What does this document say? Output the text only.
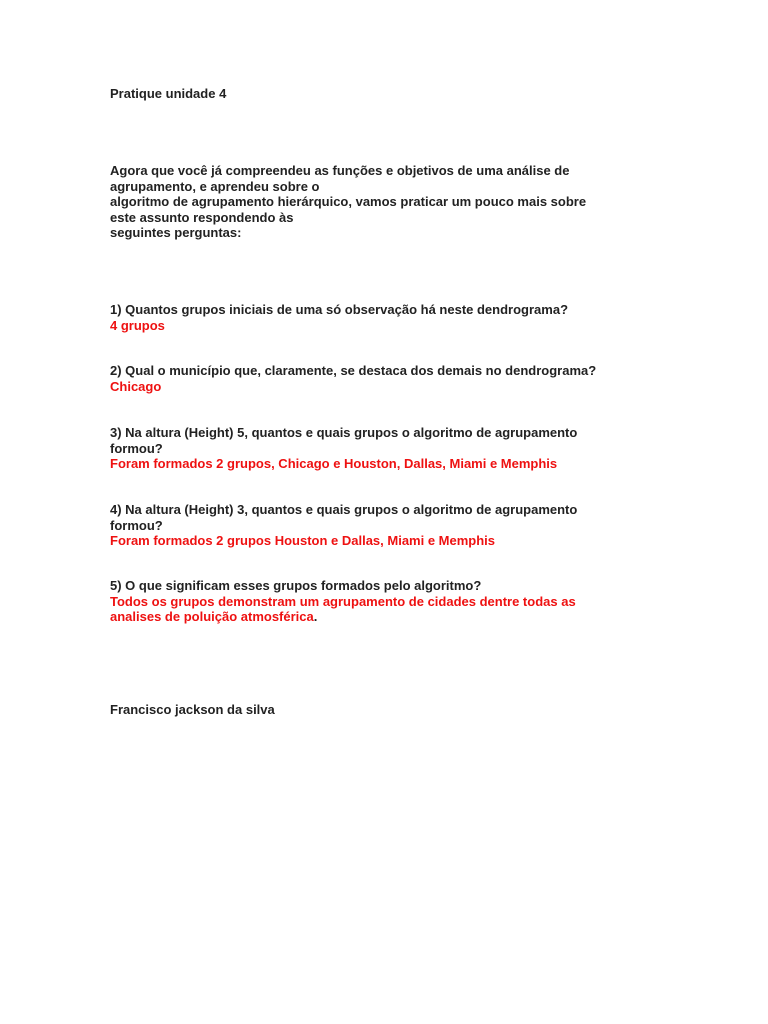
Pratique unidade 4
Agora que você já compreendeu as funções e objetivos de uma análise de
agrupamento, e aprendeu sobre o
algoritmo de agrupamento hierárquico, vamos praticar um pouco mais sobre
este assunto respondendo às
seguintes perguntas:
1) Quantos grupos iniciais de uma só observação há neste dendrograma?
4 grupos
2) Qual o município que, claramente, se destaca dos demais no dendrograma?
Chicago
3) Na altura (Height) 5, quantos e quais grupos o algoritmo de agrupamento
formou?
Foram formados 2 grupos, Chicago e Houston, Dallas, Miami e Memphis
4) Na altura (Height) 3, quantos e quais grupos o algoritmo de agrupamento
formou?
Foram formados 2 grupos Houston e Dallas, Miami e Memphis
5) O que significam esses grupos formados pelo algoritmo?
Todos os grupos demonstram um agrupamento de cidades dentre todas as
analises de poluição atmosférica.
Francisco jackson da silva
